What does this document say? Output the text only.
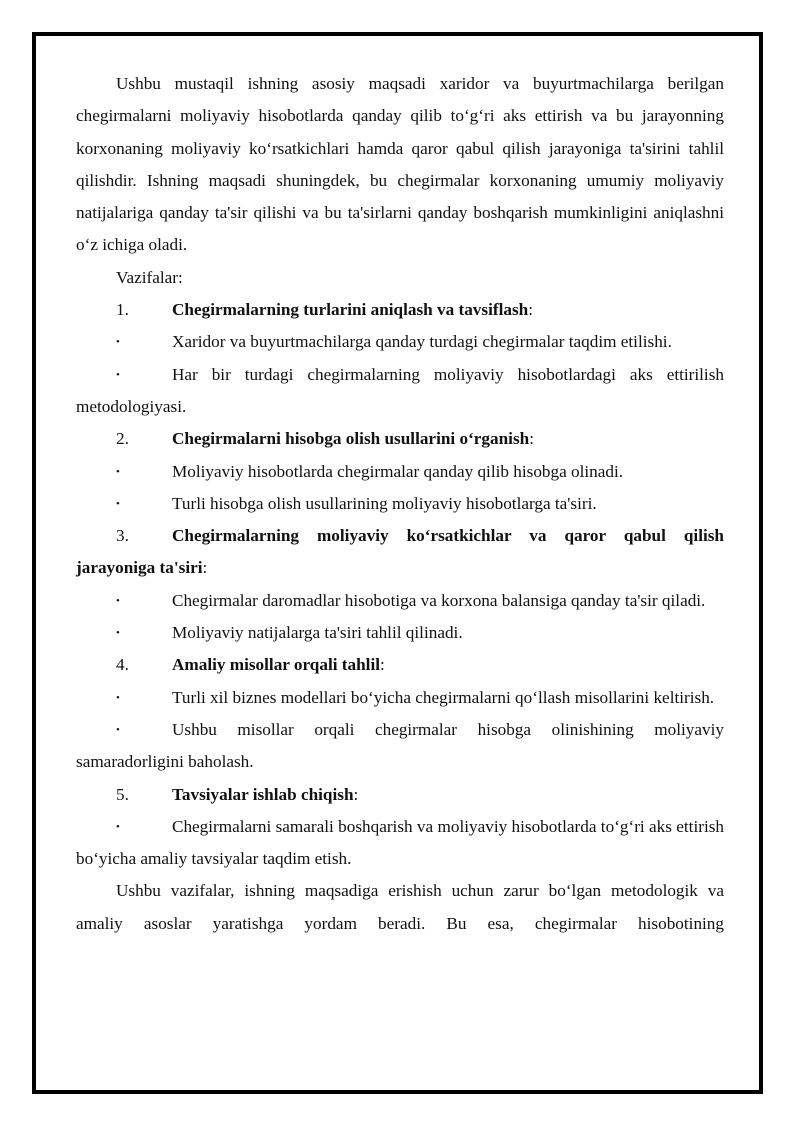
Ushbu mustaqil ishning asosiy maqsadi xaridor va buyurtmachilarga berilgan chegirmalarni moliyaviy hisobotlarda qanday qilib to‘g‘ri aks ettirish va bu jarayonning korxonaning moliyaviy ko‘rsatkichlari hamda qaror qabul qilish jarayoniga ta'sirini tahlil qilishdir. Ishning maqsadi shuningdek, bu chegirmalar korxonaning umumiy moliyaviy natijalariga qanday ta'sir qilishi va bu ta'sirlarni qanday boshqarish mumkinligini aniqlashni o‘z ichiga oladi.

Vazifalar:

1.	Chegirmalarning turlarini aniqlash va tavsiflash:

•	Xaridor va buyurtmachilarga qanday turdagi chegirmalar taqdim etilishi.

•	Har bir turdagi chegirmalarning moliyaviy hisobotlardagi aks ettirilish metodologiyasi.

2.	Chegirmalarni hisobga olish usullarini o‘rganish:

•	Moliyaviy hisobotlarda chegirmalar qanday qilib hisobga olinadi.

•	Turli hisobga olish usullarining moliyaviy hisobotlarga ta'siri.

3.	Chegirmalarning moliyaviy ko‘rsatkichlar va qaror qabul qilish jarayoniga ta'siri:

•	Chegirmalar daromadlar hisobotiga va korxona balansiga qanday ta'sir qiladi.

•	Moliyaviy natijalarga ta'siri tahlil qilinadi.

4.	Amaliy misollar orqali tahlil:

•	Turli xil biznes modellari bo‘yicha chegirmalarni qo‘llash misollarini keltirish.

•	Ushbu misollar orqali chegirmalar hisobga olinishining moliyaviy samaradorligini baholash.

5.	Tavsiyalar ishlab chiqish:

•	Chegirmalarni samarali boshqarish va moliyaviy hisobotlarda to‘g‘ri aks ettirish bo‘yicha amaliy tavsiyalar taqdim etish.

Ushbu vazifalar, ishning maqsadiga erishish uchun zarur bo‘lgan metodologik va amaliy asoslar yaratishga yordam beradi. Bu esa, chegirmalar hisobotining
